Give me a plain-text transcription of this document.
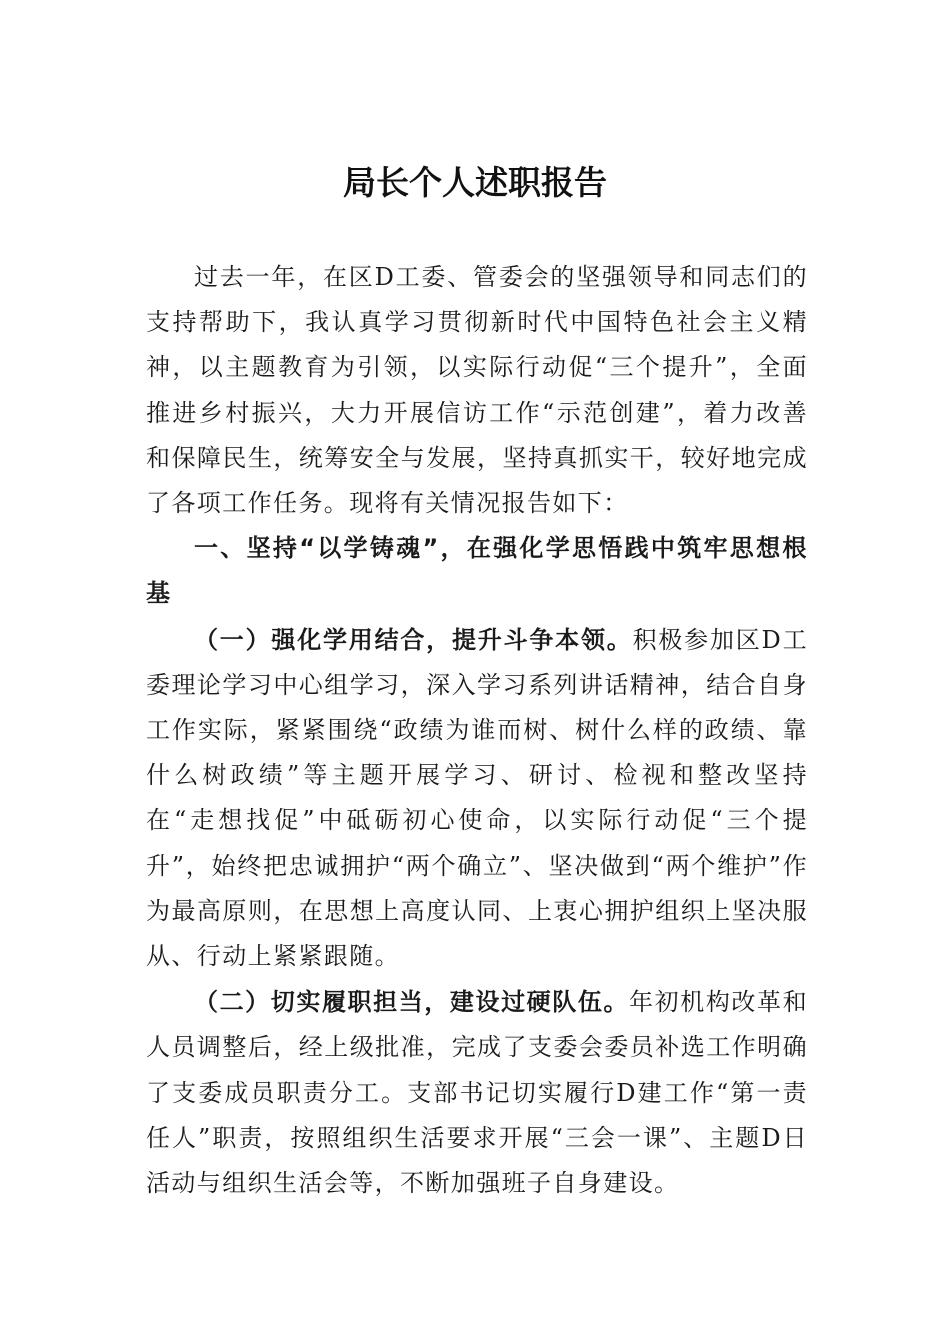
局长个人述职报告

过去一年，在区D工委、管委会的坚强领导和同志们的支持帮助下，我认真学习贯彻新时代中国特色社会主义精神，以主题教育为引领，以实际行动促“三个提升”，全面推进乡村振兴，大力开展信访工作“示范创建”，着力改善和保障民生，统筹安全与发展，坚持真抓实干，较好地完成了各项工作任务。现将有关情况报告如下：

一、坚持“以学铸魂”，在强化学思悟践中筑牢思想根基

（一）强化学用结合，提升斗争本领。积极参加区D工委理论学习中心组学习，深入学习系列讲话精神，结合自身工作实际，紧紧围绕“政绩为谁而树、树什么样的政绩、靠什么树政绩”等主题开展学习、研讨、检视和整改坚持在“走想找促”中砥砺初心使命，以实际行动促“三个提升”，始终把忠诚拥护“两个确立”、坚决做到“两个维护”作为最高原则，在思想上高度认同、上衷心拥护组织上坚决服从、行动上紧紧跟随。

（二）切实履职担当，建设过硬队伍。年初机构改革和人员调整后，经上级批准，完成了支委会委员补选工作明确了支委成员职责分工。支部书记切实履行D建工作“第一责任人”职责，按照组织生活要求开展“三会一课”、主题D日活动与组织生活会等，不断加强班子自身建设。
